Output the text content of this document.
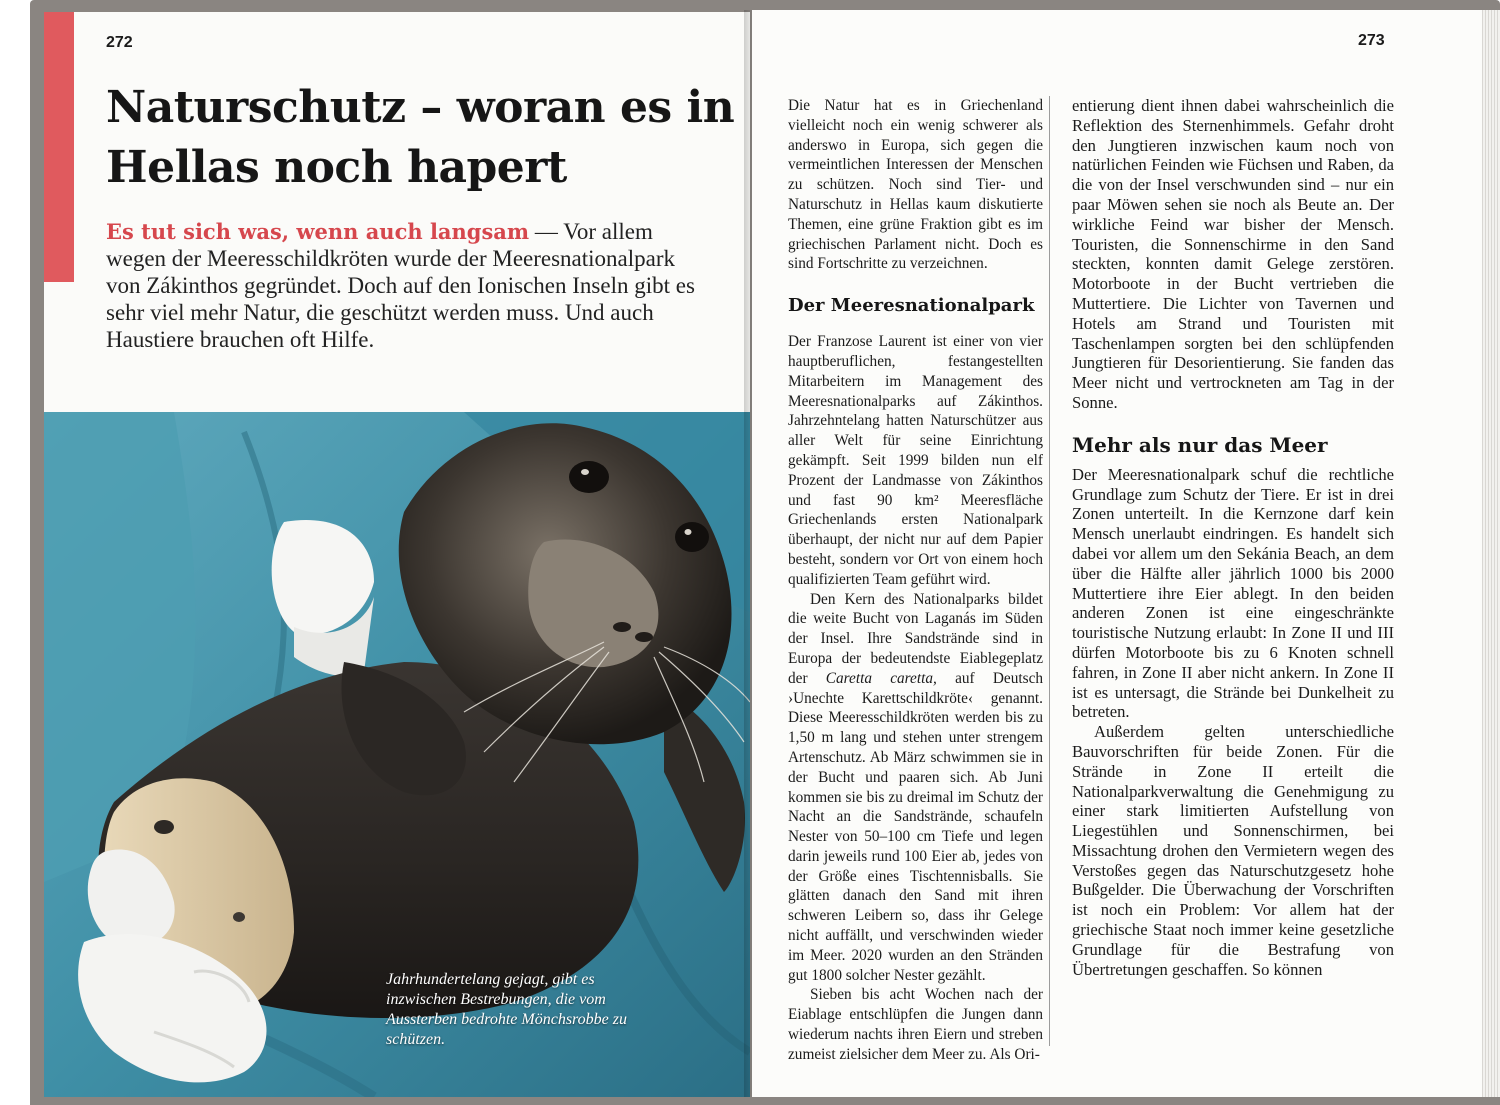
272
Naturschutz – woran es in Hellas noch hapert

Es tut sich was, wenn auch langsam — Vor allem wegen der Meeresschildkröten wurde der Meeresnationalpark von Zákinthos gegründet. Doch auf den Ionischen Inseln gibt es sehr viel mehr Natur, die geschützt werden muss. Und auch Haustiere brauchen oft Hilfe.

Jahrhundertelang gejagt, gibt es inzwischen Bestrebungen, die vom Aussterben bedrohte Mönchsrobbe zu schützen.

273

Die Natur hat es in Griechenland vielleicht noch ein wenig schwerer als anderswo in Europa, sich gegen die vermeintlichen Interessen der Menschen zu schützen. Noch sind Tier- und Naturschutz in Hellas kaum diskutierte Themen, eine grüne Fraktion gibt es im griechischen Parlament nicht. Doch es sind Fortschritte zu verzeichnen.

Der Meeresnationalpark

Der Franzose Laurent ist einer von vier hauptberuflichen, festangestellten Mitarbeitern im Management des Meeresnationalparks auf Zákinthos. Jahrzehntelang hatten Naturschützer aus aller Welt für seine Einrichtung gekämpft. Seit 1999 bilden nun elf Prozent der Landmasse von Zákinthos und fast 90 km² Meeresfläche Griechenlands ersten Nationalpark überhaupt, der nicht nur auf dem Papier besteht, sondern vor Ort von einem hoch qualifizierten Team geführt wird.

Den Kern des Nationalparks bildet die weite Bucht von Laganás im Süden der Insel. Ihre Sandstrände sind in Europa der bedeutendste Eiablegeplatz der Caretta caretta, auf Deutsch ›Unechte Karettschildkröte‹ genannt. Diese Meeresschildkröten werden bis zu 1,50 m lang und stehen unter strengem Artenschutz. Ab März schwimmen sie in der Bucht und paaren sich. Ab Juni kommen sie bis zu dreimal im Schutz der Nacht an die Sandstrände, schaufeln Nester von 50–100 cm Tiefe und legen darin jeweils rund 100 Eier ab, jedes von der Größe eines Tischtennisballs. Sie glätten danach den Sand mit ihren schweren Leibern so, dass ihr Gelege nicht auffällt, und verschwinden wieder im Meer. 2020 wurden an den Stränden gut 1800 solcher Nester gezählt.

Sieben bis acht Wochen nach der Eiablage entschlüpfen die Jungen dann wiederum nachts ihren Eiern und streben zumeist zielsicher dem Meer zu. Als Ori-

entierung dient ihnen dabei wahrscheinlich die Reflektion des Sternenhimmels. Gefahr droht den Jungtieren inzwischen kaum noch von natürlichen Feinden wie Füchsen und Raben, da die von der Insel verschwunden sind – nur ein paar Möwen sehen sie noch als Beute an. Der wirkliche Feind war bisher der Mensch. Touristen, die Sonnenschirme in den Sand steckten, konnten damit Gelege zerstören. Motorboote in der Bucht vertrieben die Muttertiere. Die Lichter von Tavernen und Hotels am Strand und Touristen mit Taschenlampen sorgten bei den schlüpfenden Jungtieren für Desorientierung. Sie fanden das Meer nicht und vertrockneten am Tag in der Sonne.

Mehr als nur das Meer

Der Meeresnationalpark schuf die rechtliche Grundlage zum Schutz der Tiere. Er ist in drei Zonen unterteilt. In die Kernzone darf kein Mensch unerlaubt eindringen. Es handelt sich dabei vor allem um den Sekánia Beach, an dem über die Hälfte aller jährlich 1000 bis 2000 Muttertiere ihre Eier ablegt. In den beiden anderen Zonen ist eine eingeschränkte touristische Nutzung erlaubt: In Zone II und III dürfen Motorboote bis zu 6 Knoten schnell fahren, in Zone II aber nicht ankern. In Zone II ist es untersagt, die Strände bei Dunkelheit zu betreten.

Außerdem gelten unterschiedliche Bauvorschriften für beide Zonen. Für die Strände in Zone II erteilt die Nationalparkverwaltung die Genehmigung zu einer stark limitierten Aufstellung von Liegestühlen und Sonnenschirmen, bei Missachtung drohen den Vermietern wegen des Verstoßes gegen das Naturschutzgesetz hohe Bußgelder. Die Überwachung der Vorschriften ist noch ein Problem: Vor allem hat der griechische Staat noch immer keine gesetzliche Grundlage für die Bestrafung von Übertretungen geschaffen. So können
